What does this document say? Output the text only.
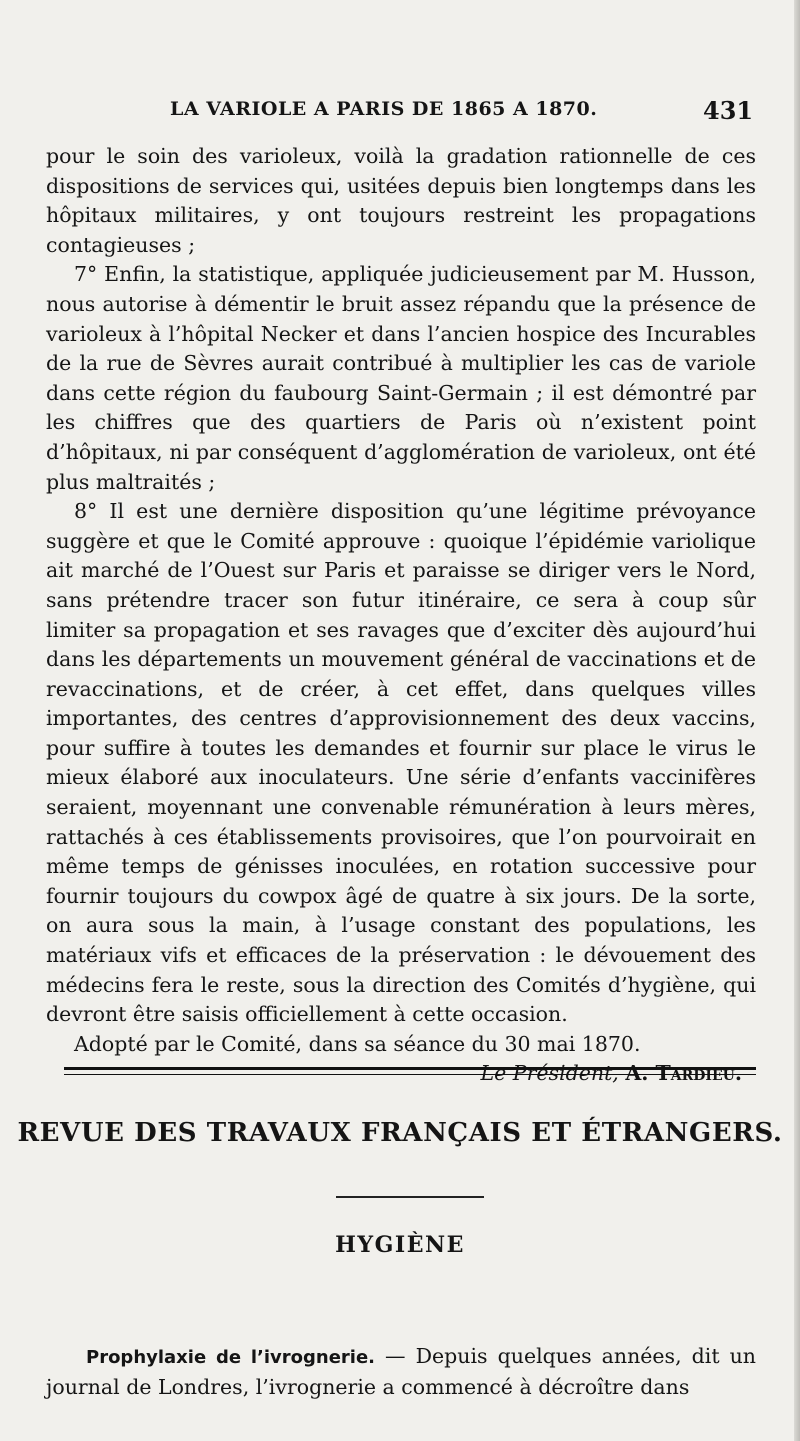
LA VARIOLE A PARIS DE 1865 A 1870.	431

pour le soin des varioleux, voilà la gradation rationnelle de ces dispositions de services qui, usitées depuis bien longtemps dans les hôpitaux militaires, y ont toujours restreint les propagations contagieuses ;

7° Enfin, la statistique, appliquée judicieusement par M. Husson, nous autorise à démentir le bruit assez répandu que la présence de varioleux à l’hôpital Necker et dans l’ancien hospice des Incurables de la rue de Sèvres aurait contribué à multiplier les cas de variole dans cette région du faubourg Saint-Germain ; il est démontré par les chiffres que des quartiers de Paris où n’existent point d’hôpitaux, ni par conséquent d’agglomération de varioleux, ont été plus maltraités ;

8° Il est une dernière disposition qu’une légitime prévoyance suggère et que le Comité approuve : quoique l’épidémie variolique ait marché de l’Ouest sur Paris et paraisse se diriger vers le Nord, sans prétendre tracer son futur itinéraire, ce sera à coup sûr limiter sa propagation et ses ravages que d’exciter dès aujourd’hui dans les départements un mouvement général de vaccinations et de revaccinations, et de créer, à cet effet, dans quelques villes importantes, des centres d’approvisionnement des deux vaccins, pour suffire à toutes les demandes et fournir sur place le virus le mieux élaboré aux inoculateurs. Une série d’enfants vaccinifères seraient, moyennant une convenable rémunération à leurs mères, rattachés à ces établissements provisoires, que l’on pourvoirait en même temps de génisses inoculées, en rotation successive pour fournir toujours du cowpox âgé de quatre à six jours. De la sorte, on aura sous la main, à l’usage constant des populations, les matériaux vifs et efficaces de la préservation : le dévouement des médecins fera le reste, sous la direction des Comités d’hygiène, qui devront être saisis officiellement à cette occasion.

Adopté par le Comité, dans sa séance du 30 mai 1870.

Le Président, A. Tardieu.

REVUE DES TRAVAUX FRANÇAIS ET ÉTRANGERS.
HYGIÈNE

Prophylaxie de l’ivrognerie. — Depuis quelques années, dit un journal de Londres, l’ivrognerie a commencé à décroître dans
